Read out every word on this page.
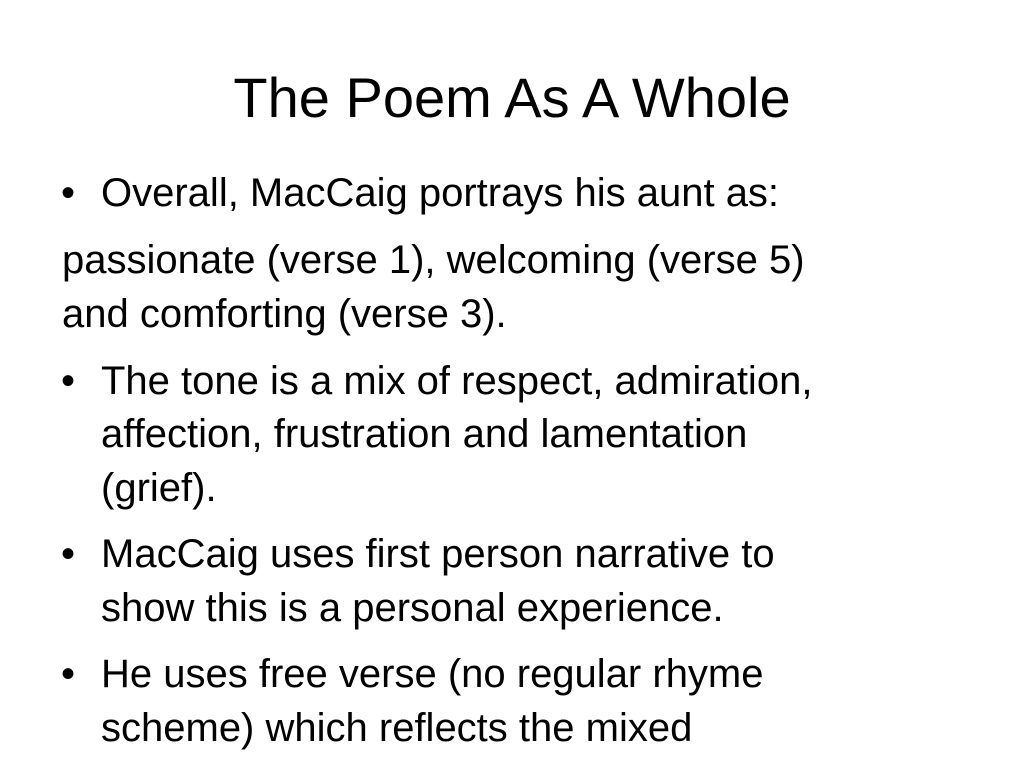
The Poem As A Whole
• Overall, MacCaig portrays his aunt as:
passionate (verse 1), welcoming (verse 5)
and comforting (verse 3).
• The tone is a mix of respect, admiration,
affection, frustration and lamentation
(grief).
• MacCaig uses first person narrative to
show this is a personal experience.
• He uses free verse (no regular rhyme
scheme) which reflects the mixed
